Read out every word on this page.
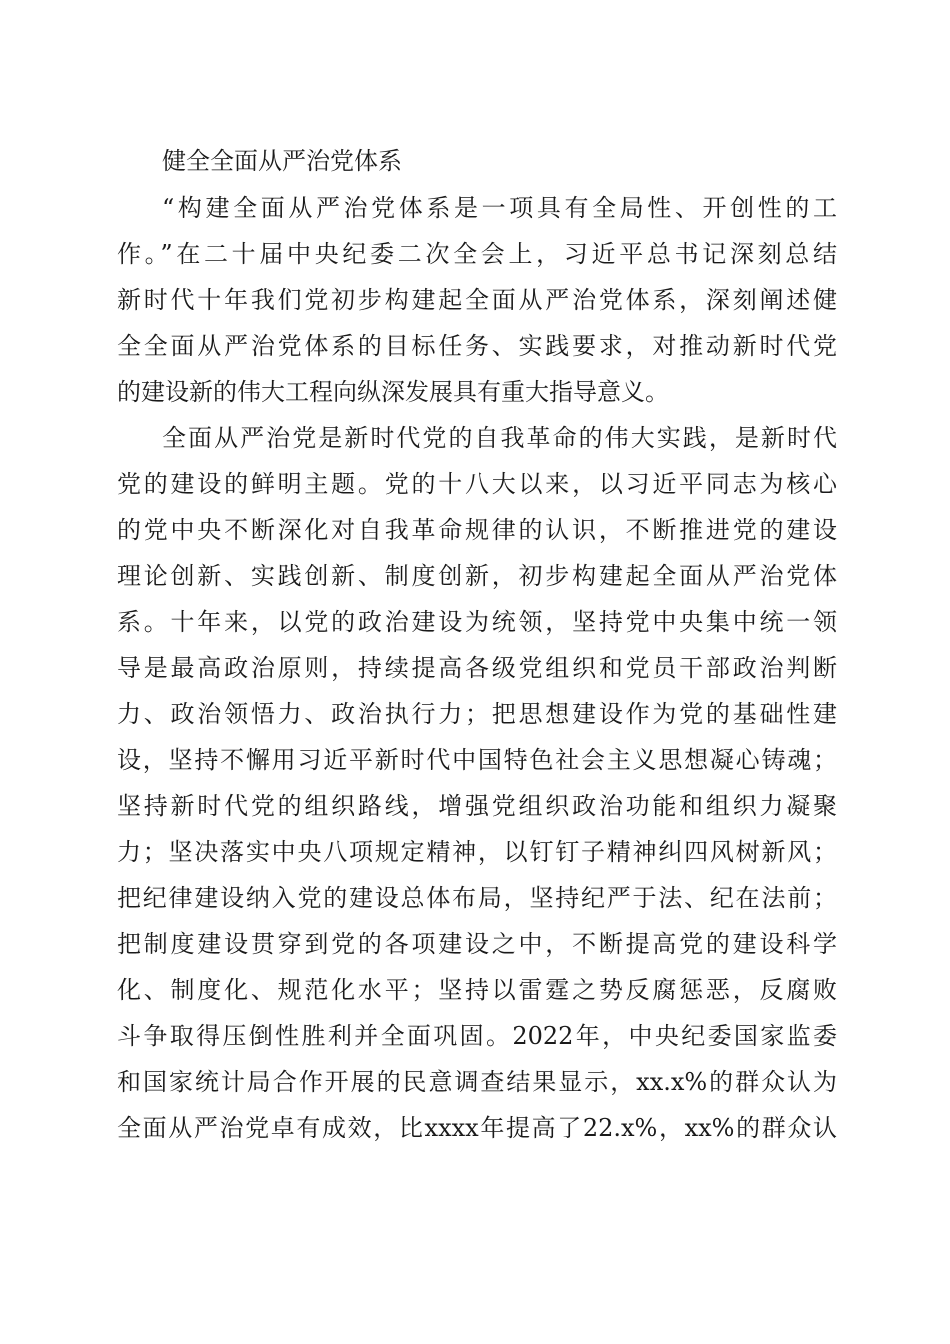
健全全面从严治党体系
“构建全面从严治党体系是一项具有全局性、开创性的工
作。”在二十届中央纪委二次全会上，习近平总书记深刻总结
新时代十年我们党初步构建起全面从严治党体系，深刻阐述健
全全面从严治党体系的目标任务、实践要求，对推动新时代党
的建设新的伟大工程向纵深发展具有重大指导意义。
全面从严治党是新时代党的自我革命的伟大实践，是新时代
党的建设的鲜明主题。党的十八大以来，以习近平同志为核心
的党中央不断深化对自我革命规律的认识，不断推进党的建设
理论创新、实践创新、制度创新，初步构建起全面从严治党体
系。十年来，以党的政治建设为统领，坚持党中央集中统一领
导是最高政治原则，持续提高各级党组织和党员干部政治判断
力、政治领悟力、政治执行力；把思想建设作为党的基础性建
设，坚持不懈用习近平新时代中国特色社会主义思想凝心铸魂；
坚持新时代党的组织路线，增强党组织政治功能和组织力凝聚
力；坚决落实中央八项规定精神，以钉钉子精神纠四风树新风；
把纪律建设纳入党的建设总体布局，坚持纪严于法、纪在法前；
把制度建设贯穿到党的各项建设之中，不断提高党的建设科学
化、制度化、规范化水平；坚持以雷霆之势反腐惩恶，反腐败
斗争取得压倒性胜利并全面巩固。2022年，中央纪委国家监委
和国家统计局合作开展的民意调查结果显示，xx.x%的群众认为
全面从严治党卓有成效，比xxxx年提高了22.x%，xx%的群众认
